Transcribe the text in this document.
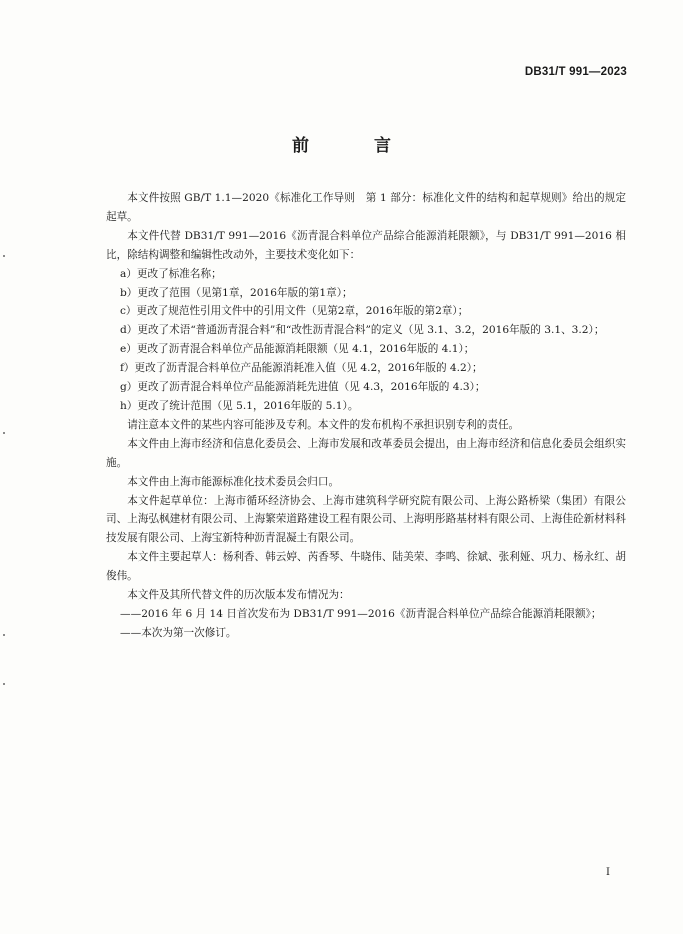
DB31/T 991—2023
前　言

本文件按照 GB/T 1.1—2020《标准化工作导则　第 1 部分：标准化文件的结构和起草规则》给出的规定起草。

本文件代替 DB31/T 991—2016《沥青混合料单位产品综合能源消耗限额》，与 DB31/T 991—2016 相比，除结构调整和编辑性改动外，主要技术变化如下：

a）更改了标准名称；

b）更改了范围（见第1章，2016年版的第1章）；

c）更改了规范性引用文件中的引用文件（见第2章，2016年版的第2章）；

d）更改了术语“普通沥青混合料”和“改性沥青混合料”的定义（见 3.1、3.2，2016年版的 3.1、3.2）；

e）更改了沥青混合料单位产品能源消耗限额（见 4.1，2016年版的 4.1）；

f）更改了沥青混合料单位产品能源消耗准入值（见 4.2，2016年版的 4.2）；

g）更改了沥青混合料单位产品能源消耗先进值（见 4.3，2016年版的 4.3）；

h）更改了统计范围（见 5.1，2016年版的 5.1）。

请注意本文件的某些内容可能涉及专利。本文件的发布机构不承担识别专利的责任。

本文件由上海市经济和信息化委员会、上海市发展和改革委员会提出，由上海市经济和信息化委员会组织实施。

本文件由上海市能源标准化技术委员会归口。

本文件起草单位：上海市循环经济协会、上海市建筑科学研究院有限公司、上海公路桥梁（集团）有限公司、上海弘枫建材有限公司、上海繁荣道路建设工程有限公司、上海明彤路基材料有限公司、上海佳砼新材料科技发展有限公司、上海宝新特种沥青混凝土有限公司。

本文件主要起草人：杨利香、韩云婷、芮香琴、牛晓伟、陆美荣、李鸣、徐斌、张利娅、巩力、杨永红、胡俊伟。

本文件及其所代替文件的历次版本发布情况为：

——2016 年 6 月 14 日首次发布为 DB31/T 991—2016《沥青混合料单位产品综合能源消耗限额》；

——本次为第一次修订。

I
